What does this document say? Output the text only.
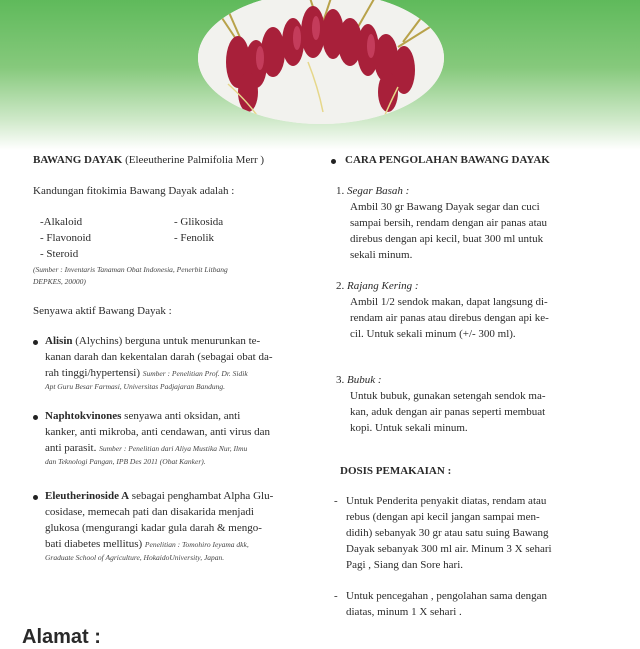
BAWANG DAYAK (Eleeutherine Palmifolia Merr )
Kandungan fitokimia Bawang Dayak adalah :
-Alkaloid
- Flavonoid
- Steroid
- Glikosida
- Fenolik
(Sumber : Inventaris Tanaman Obat Indonesia, Penerbit Litbang
DEPKES, 20000)
Senyawa aktif Bawang Dayak :
Alisin (Alychins) berguna untuk menurunkan te-
kanan darah dan kekentalan darah (sebagai obat da-
rah tinggi/hypertensi) Sumber : Penelitian Prof. Dr. Sidik
Apt Guru Besar Farmasi, Universitas Padjajaran Bandung.
Naphtokvinones senyawa anti oksidan, anti
kanker, anti mikroba, anti cendawan, anti virus dan
anti parasit. Sumber : Penelitian dari Aliya Mustika Nur, Ilmu
dan Teknologi Pangan, IPB Des 2011 (Obat Kanker).
Eleutherinoside A sebagai penghambat Alpha Glu-
cosidase, memecah pati dan disakarida menjadi
glukosa (mengurangi kadar gula darah & mengo-
bati diabetes mellitus) Penelitian : Tomohiro Ieyama dkk,
Graduate School of Agriculture, HokaidoUniversity, Japan.
Alamat :
CARA PENGOLAHAN BAWANG DAYAK
1. Segar Basah :
Ambil 30 gr Bawang Dayak segar dan cuci
sampai bersih, rendam dengan air panas atau
direbus dengan api kecil, buat 300 ml untuk
sekali minum.
2. Rajang Kering :
Ambil 1/2 sendok makan, dapat langsung di-
rendam air panas atau direbus dengan api ke-
cil. Untuk sekali minum (+/- 300 ml).
3. Bubuk :
Untuk bubuk, gunakan setengah sendok ma-
kan, aduk dengan air panas seperti membuat
kopi. Untuk sekali minum.
DOSIS PEMAKAIAN :
- Untuk Penderita penyakit diatas, rendam atau
rebus (dengan api kecil jangan sampai men-
didih) sebanyak 30 gr atau satu suing Bawang
Dayak sebanyak 300 ml air. Minum 3 X sehari
Pagi , Siang dan Sore hari.
- Untuk pencegahan , pengolahan sama dengan
diatas, minum 1 X sehari .
